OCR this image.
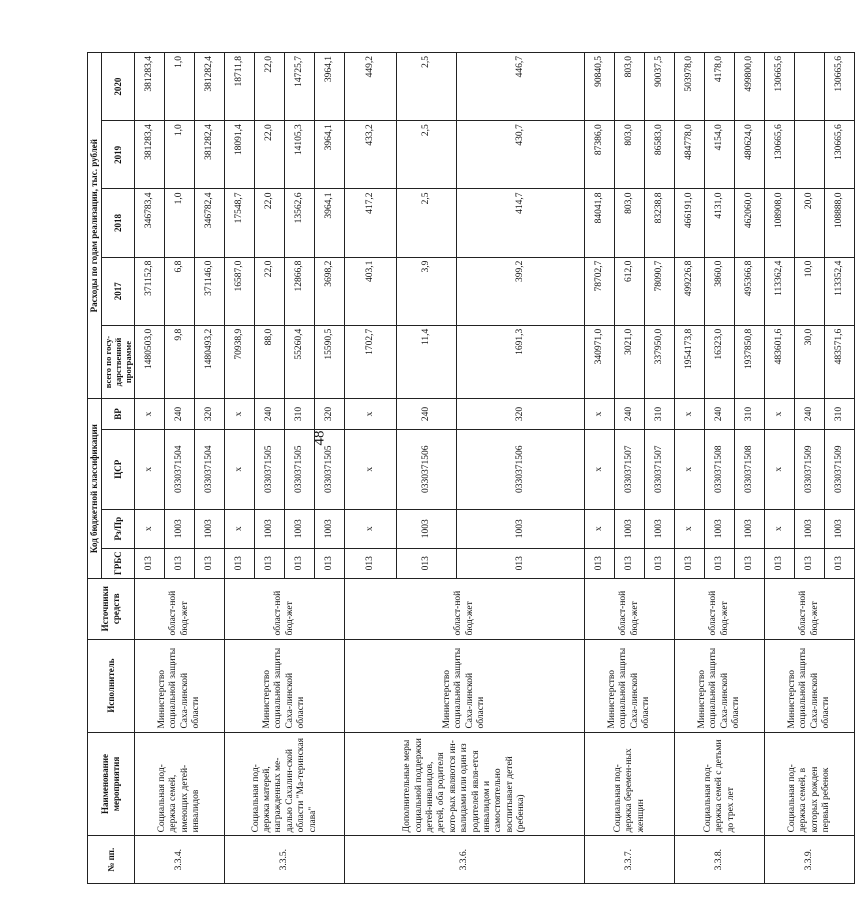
48
№ пп.	Наименование мероприятия	Исполнитель	Источники средств	Код бюджетной классификации				Расходы по годам реализации, тыс. рублей				
				ГРБС	Рз/Пр	ЦСР	ВР	всего по госу-дарственной программе	2017	2018	2019	2020
3.3.4.	Социальная под-держка семей, имеющих детей-инвалидов	Министерство социальной защиты Саха-линской области	област-ной бюд-жет	013	х	х	х	1480503,0	371152,8	346783,4	381283,4	381283,4
				013	1003	0330371504	240	9,8	6,8	1,0	1,0	1,0
				013	1003	0330371504	320	1480493,2	371146,0	346782,4	381282,4	381282,4
3.3.5.	Социальная под-держка матерей, награжденных ме-далью Сахалин-ской области "Ма-теринская слава"	Министерство социальной защиты Саха-линской области	област-ной бюд-жет	013	х	х	х	70938,9	16587,0	17548,7	18091,4	18711,8
				013	1003	0330371505	240	88,0	22,0	22,0	22,0	22,0
				013	1003	0330371505	310	55260,4	12866,8	13562,6	14105,3	14725,7
				013	1003	0330371505	320	15590,5	3698,2	3964,1	3964,1	3964,1
3.3.6.	Дополнительные меры социальной поддержки детей-инвалидов, детей, оба родителя кото-рых являются ин-валидами или один из родителей явля-ется инвалидом и самостоятельно воспитывает детей (ребенка)	Министерство социальной защиты Саха-линской области	област-ной бюд-жет	013	х	х	х	1702,7	403,1	417,2	433,2	449,2
				013	1003	0330371506	240	11,4	3,9	2,5	2,5	2,5
				013	1003	0330371506	320	1691,3	399,2	414,7	430,7	446,7
3.3.7.	Социальная под-держка беремен-ных женщин	Министерство социальной защиты Саха-линской области	област-ной бюд-жет	013	х	х	х	340971,0	78702,7	84041,8	87386,0	90840,5
				013	1003	0330371507	240	3021,0	612,0	803,0	803,0	803,0
				013	1003	0330371507	310	337950,0	78090,7	83238,8	86583,0	90037,5
3.3.8.	Социальная под-держка семей с детьми до трех лет	Министерство социальной защиты Саха-линской области	област-ной бюд-жет	013	х	х	х	1954173,8	499226,8	466191,0	484778,0	503978,0
				013	1003	0330371508	240	16323,0	3860,0	4131,0	4154,0	4178,0
				013	1003	0330371508	310	1937850,8	495366,8	462060,0	480624,0	499800,0
3.3.9.	Социальная под-держка семей, в которых рожден первый ребенок	Министерство социальной защиты Саха-линской области	област-ной бюд-жет	013	х	х	х	483601,6	113362,4	108908,0	130665,6	130665,6
				013	1003	0330371509	240	30,0	10,0	20,0		
				013	1003	0330371509	310	483571,6	113352,4	108888,0	130665,6	130665,6
